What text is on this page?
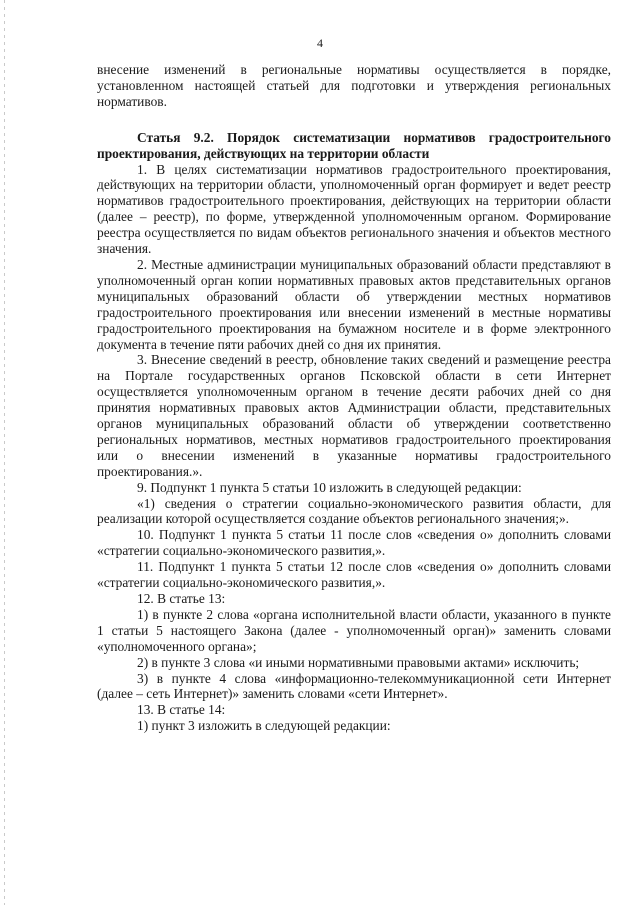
4

внесение изменений в региональные нормативы осуществляется в порядке, установленном настоящей статьей для подготовки и утверждения региональных нормативов.

Статья 9.2. Порядок систематизации нормативов градостроительного проектирования, действующих на территории области

1. В целях систематизации нормативов градостроительного проектирования, действующих на территории области, уполномоченный орган формирует и ведет реестр нормативов градостроительного проектирования, действующих на территории области (далее – реестр), по форме, утвержденной уполномоченным органом. Формирование реестра осуществляется по видам объектов регионального значения и объектов местного значения.

2. Местные администрации муниципальных образований области представляют в уполномоченный орган копии нормативных правовых актов представительных органов муниципальных образований области об утверждении местных нормативов градостроительного проектирования или внесении изменений в местные нормативы градостроительного проектирования на бумажном носителе и в форме электронного документа в течение пяти рабочих дней со дня их принятия.

3. Внесение сведений в реестр, обновление таких сведений и размещение реестра на Портале государственных органов Псковской области в сети Интернет осуществляется уполномоченным органом в течение десяти рабочих дней со дня принятия нормативных правовых актов Администрации области, представительных органов муниципальных образований области об утверждении соответственно региональных нормативов, местных нормативов градостроительного проектирования или о внесении изменений в указанные нормативы градостроительного проектирования.».

9. Подпункт 1 пункта 5 статьи 10 изложить в следующей редакции:

«1) сведения о стратегии социально-экономического развития области, для реализации которой осуществляется создание объектов регионального значения;».

10. Подпункт 1 пункта 5 статьи 11 после слов «сведения о» дополнить словами «стратегии социально-экономического развития,».

11. Подпункт 1 пункта 5 статьи 12 после слов «сведения о» дополнить словами «стратегии социально-экономического развития,».

12. В статье 13:

1) в пункте 2 слова «органа исполнительной власти области, указанного в пункте 1 статьи 5 настоящего Закона (далее - уполномоченный орган)» заменить словами «уполномоченного органа»;

2) в пункте 3 слова «и иными нормативными правовыми актами» исключить;

3) в пункте 4 слова «информационно-телекоммуникационной сети Интернет (далее – сеть Интернет)» заменить словами «сети Интернет».

13. В статье 14:

1) пункт 3 изложить в следующей редакции:
